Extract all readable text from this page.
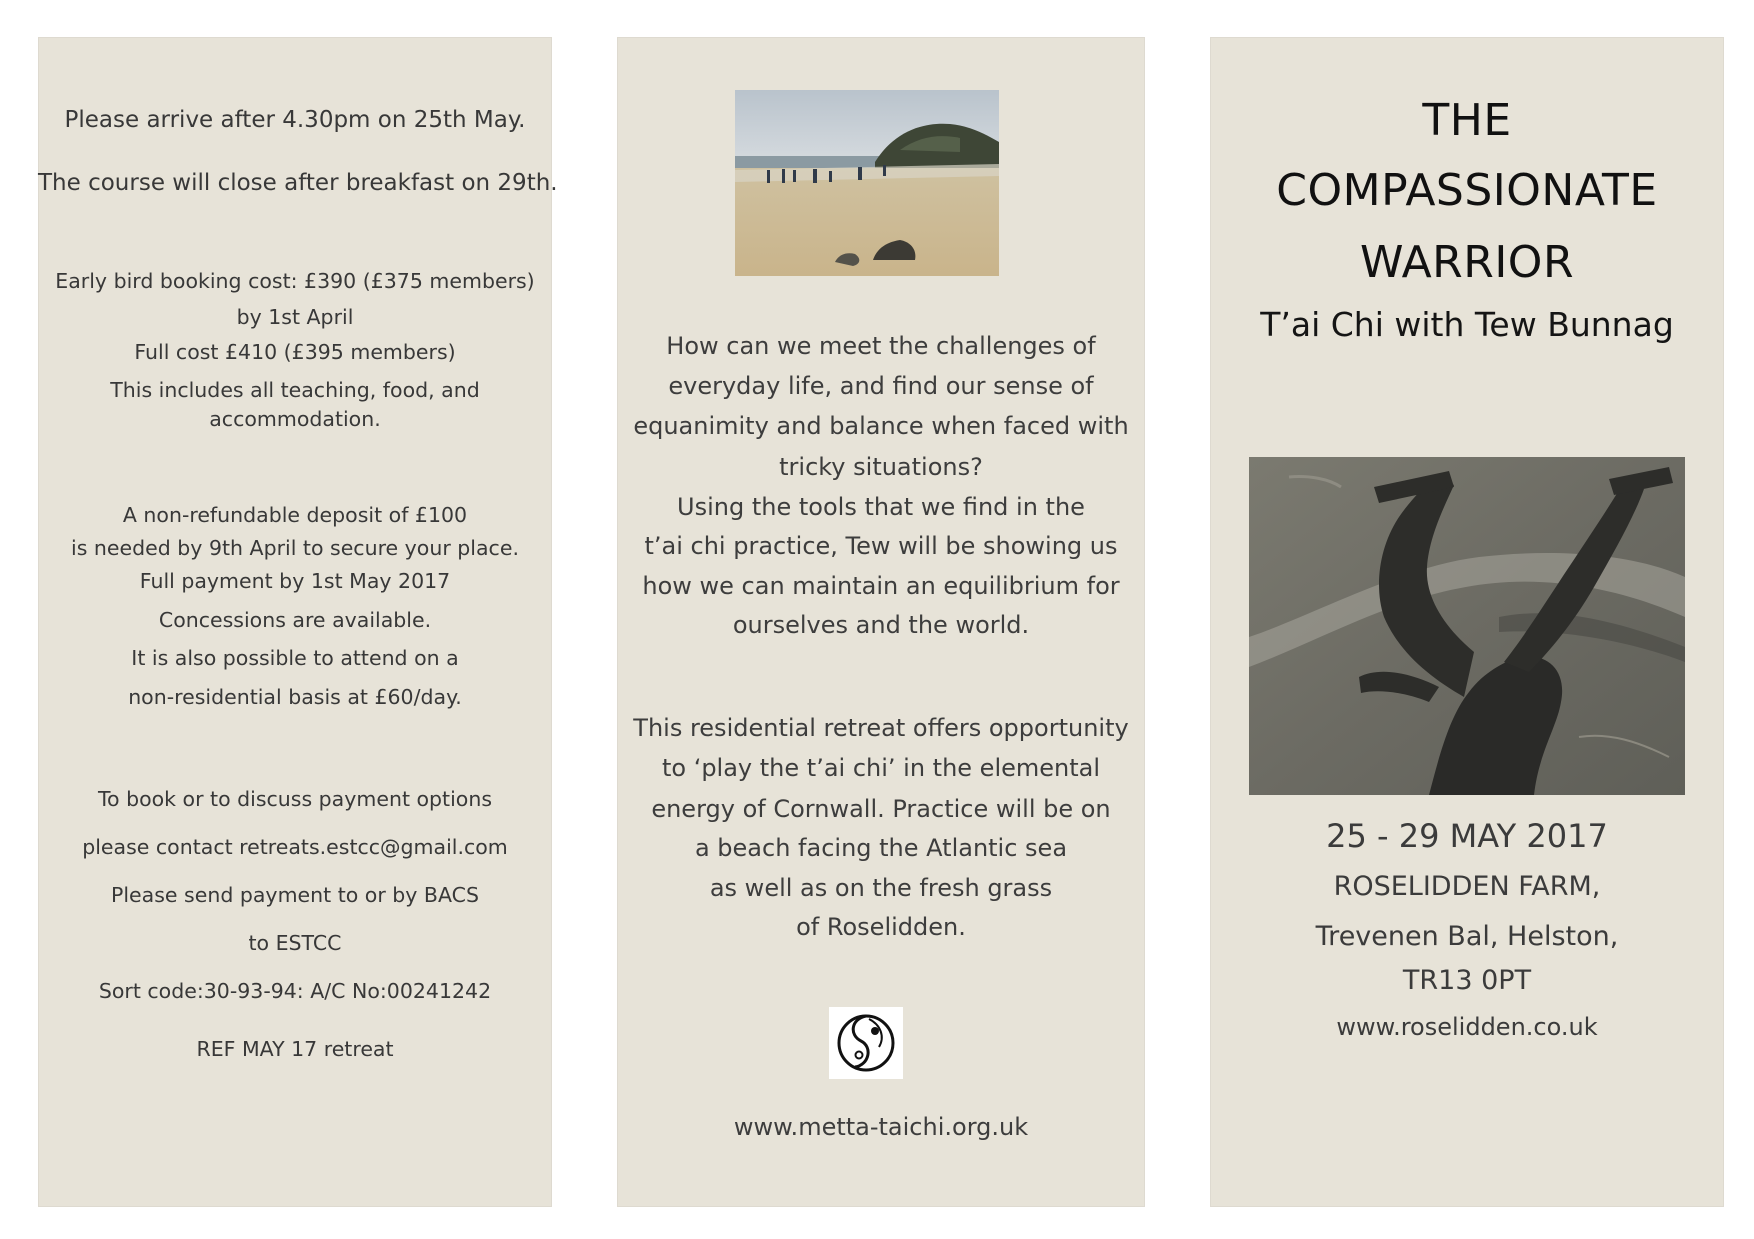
Please arrive after 4.30pm on 25th May.
The course will close after breakfast on 29th.
Early bird booking cost: £390 (£375 members)
by 1st April
Full cost £410 (£395 members)
This includes all teaching, food, and
accommodation.
A non-refundable deposit of £100
is needed by 9th April to secure your place.
Full payment by 1st May 2017
Concessions are available.
It is also possible to attend on a
non-residential basis at £60/day.
To book or to discuss payment options
please contact retreats.estcc@gmail.com
Please send payment to or by BACS
to ESTCC
Sort code:30-93-94: A/C No:00241242
REF MAY 17 retreat
How can we meet the challenges of
everyday life, and find our sense of
equanimity and balance when faced with
tricky situations?
Using the tools that we find in the
t’ai chi practice, Tew will be showing us
how we can maintain an equilibrium for
ourselves and the world.
This residential retreat offers opportunity
to ‘play the t’ai chi’ in the elemental
energy of Cornwall. Practice will be on
a beach facing the Atlantic sea
as well as on the fresh grass
of Roselidden.
www.metta-taichi.org.uk
THE
COMPASSIONATE
WARRIOR
T’ai Chi with Tew Bunnag
25 - 29 MAY 2017
ROSELIDDEN FARM,
Trevenen Bal, Helston,
TR13 0PT
www.roselidden.co.uk
